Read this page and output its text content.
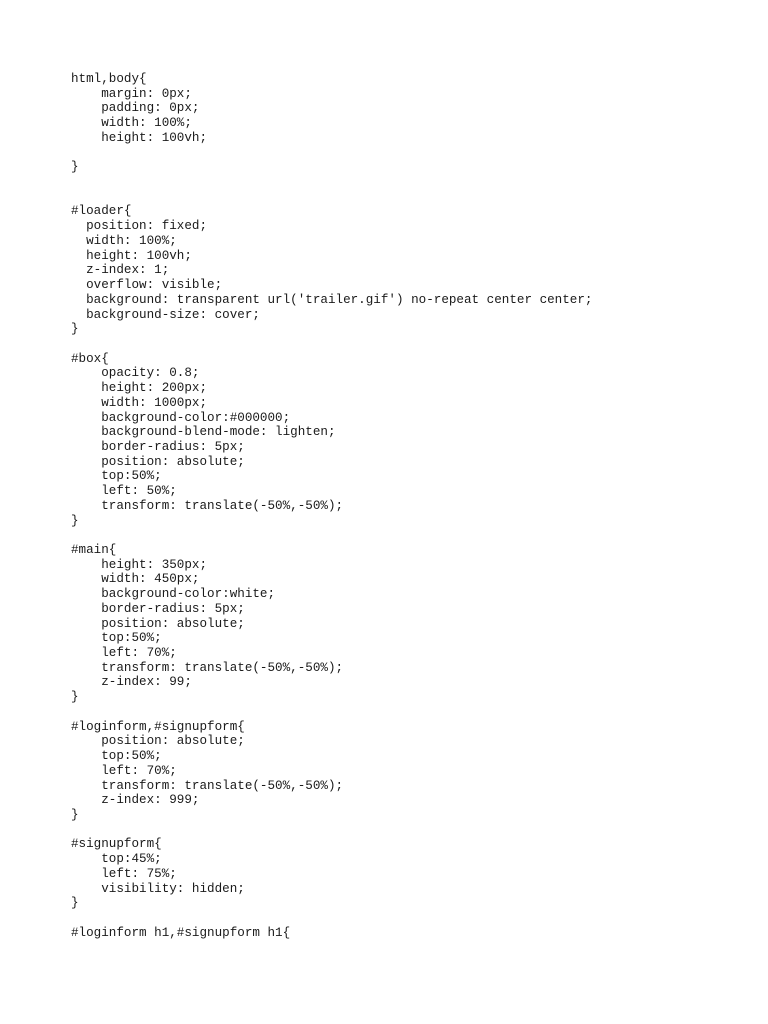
html,body{
margin: 0px;
padding: 0px;
width: 100%;
height: 100vh;
}
#loader{
position: fixed;
width: 100%;
height: 100vh;
z-index: 1;
overflow: visible;
background: transparent url('trailer.gif') no-repeat center center;
background-size: cover;
}
#box{
opacity: 0.8;
height: 200px;
width: 1000px;
background-color:#000000;
background-blend-mode: lighten;
border-radius: 5px;
position: absolute;
top:50%;
left: 50%;
transform: translate(-50%,-50%);
}
#main{
height: 350px;
width: 450px;
background-color:white;
border-radius: 5px;
position: absolute;
top:50%;
left: 70%;
transform: translate(-50%,-50%);
z-index: 99;
}
#loginform,#signupform{
position: absolute;
top:50%;
left: 70%;
transform: translate(-50%,-50%);
z-index: 999;
}
#signupform{
top:45%;
left: 75%;
visibility: hidden;
}
#loginform h1,#signupform h1{
